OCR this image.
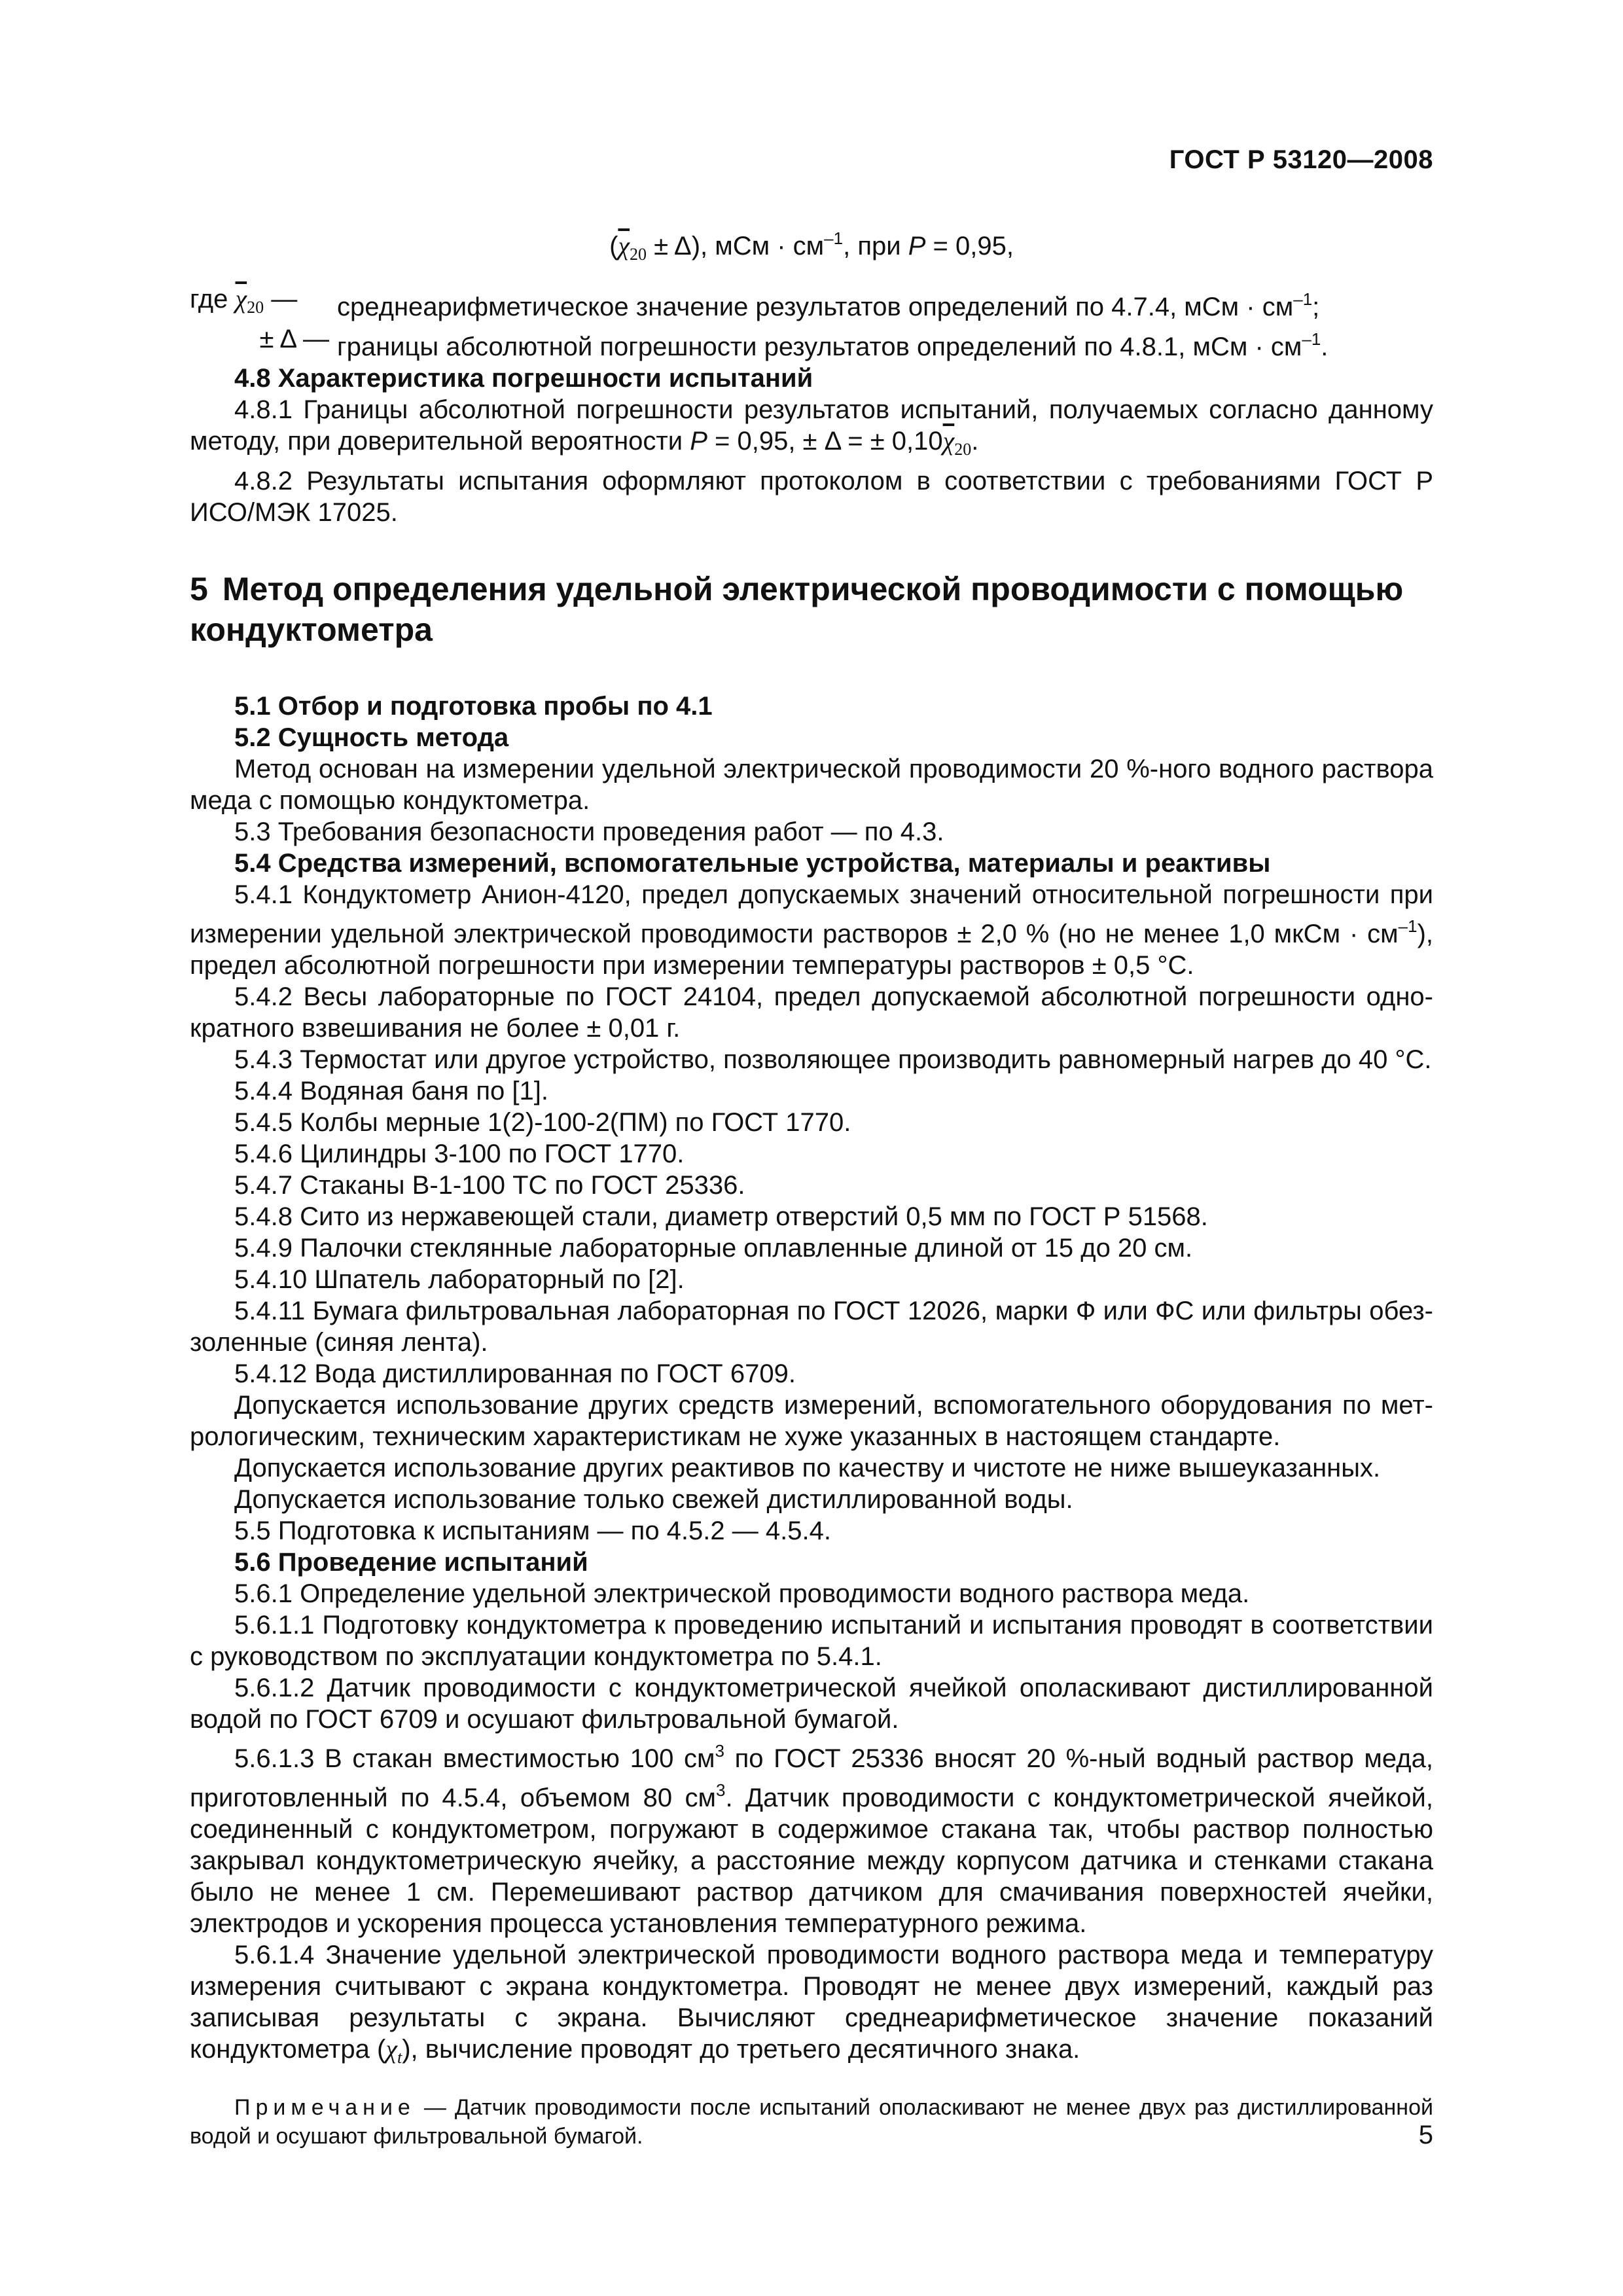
ГОСТ Р 53120—2008
$(\overline{\chi}_{20} \pm \Delta)$, мСм · $см^{-1}$, при P = 0,95,
где $\overline{\chi}_{20}$ —	среднеарифметическое значение результатов определений по 4.7.4, мСм · $см^{-1}$;
± Δ — границы абсолютной погрешности результатов определений по 4.8.1, мСм · $см^{-1}$.

4.8 Характеристика погрешности испытаний

4.8.1 Границы абсолютной погрешности результатов испытаний, получаемых согласно данному методу, при доверительной вероятности P = 0,95, ± Δ = ± $0,10\overline{\chi}_{20}$.

4.8.2 Результаты испытания оформляют протоколом в соответствии с требованиями ГОСТ Р ИСО/МЭК 17025.

5 Метод определения удельной электрической проводимости с помощью
кондуктометра

5.1 Отбор и подготовка пробы по 4.1

5.2 Сущность метода

Метод основан на измерении удельной электрической проводимости 20 %-ного водного раствора меда с помощью кондуктометра.

5.3 Требования безопасности проведения работ — по 4.3.

5.4 Средства измерений, вспомогательные устройства, материалы и реактивы

5.4.1 Кондуктометр Анион-4120, предел допускаемых значений относительной погрешности при измерении удельной электрической проводимости растворов ± 2,0 % (но не менее 1,0 мкСм · $см^{-1}$), предел абсолютной погрешности при измерении температуры растворов ± 0,5 °С.

5.4.2 Весы лабораторные по ГОСТ 24104, предел допускаемой абсолютной погрешности однократного взвешивания не более ± 0,01 г.

5.4.3 Термостат или другое устройство, позволяющее производить равномерный нагрев до 40 °С.

5.4.4 Водяная баня по [1].

5.4.5 Колбы мерные 1(2)-100-2(ПМ) по ГОСТ 1770.

5.4.6 Цилиндры 3-100 по ГОСТ 1770.

5.4.7 Стаканы В-1-100 ТС по ГОСТ 25336.

5.4.8 Сито из нержавеющей стали, диаметр отверстий 0,5 мм по ГОСТ Р 51568.

5.4.9 Палочки стеклянные лабораторные оплавленные длиной от 15 до 20 см.

5.4.10 Шпатель лабораторный по [2].

5.4.11 Бумага фильтровальная лабораторная по ГОСТ 12026, марки Ф или ФС или фильтры обеззоленные (синяя лента).

5.4.12 Вода дистиллированная по ГОСТ 6709.

Допускается использование других средств измерений, вспомогательного оборудования по метрологическим, техническим характеристикам не хуже указанных в настоящем стандарте.

Допускается использование других реактивов по качеству и чистоте не ниже вышеуказанных.

Допускается использование только свежей дистиллированной воды.

5.5 Подготовка к испытаниям — по 4.5.2 — 4.5.4.

5.6 Проведение испытаний

5.6.1 Определение удельной электрической проводимости водного раствора меда.

5.6.1.1 Подготовку кондуктометра к проведению испытаний и испытания проводят в соответствии с руководством по эксплуатации кондуктометра по 5.4.1.

5.6.1.2 Датчик проводимости с кондуктометрической ячейкой ополаскивают дистиллированной водой по ГОСТ 6709 и осушают фильтровальной бумагой.

5.6.1.3 В стакан вместимостью 100 $см^3$ по ГОСТ 25336 вносят 20 %-ный водный раствор меда, приготовленный по 4.5.4, объемом 80 $см^3$. Датчик проводимости с кондуктометрической ячейкой, соединенный с кондуктометром, погружают в содержимое стакана так, чтобы раствор полностью закрывал кондуктометрическую ячейку, а расстояние между корпусом датчика и стенками стакана было не менее 1 см. Перемешивают раствор датчиком для смачивания поверхностей ячейки, электродов и ускорения процесса установления температурного режима.

5.6.1.4 Значение удельной электрической проводимости водного раствора меда и температуру измерения считывают с экрана кондуктометра. Проводят не менее двух измерений, каждый раз записывая результаты с экрана. Вычисляют среднеарифметическое значение показаний кондуктометра $(\chi_t)$, вычисление проводят до третьего десятичного знака.

Примечание — Датчик проводимости после испытаний ополаскивают не менее двух раз дистиллированной водой и осушают фильтровальной бумагой.	5
